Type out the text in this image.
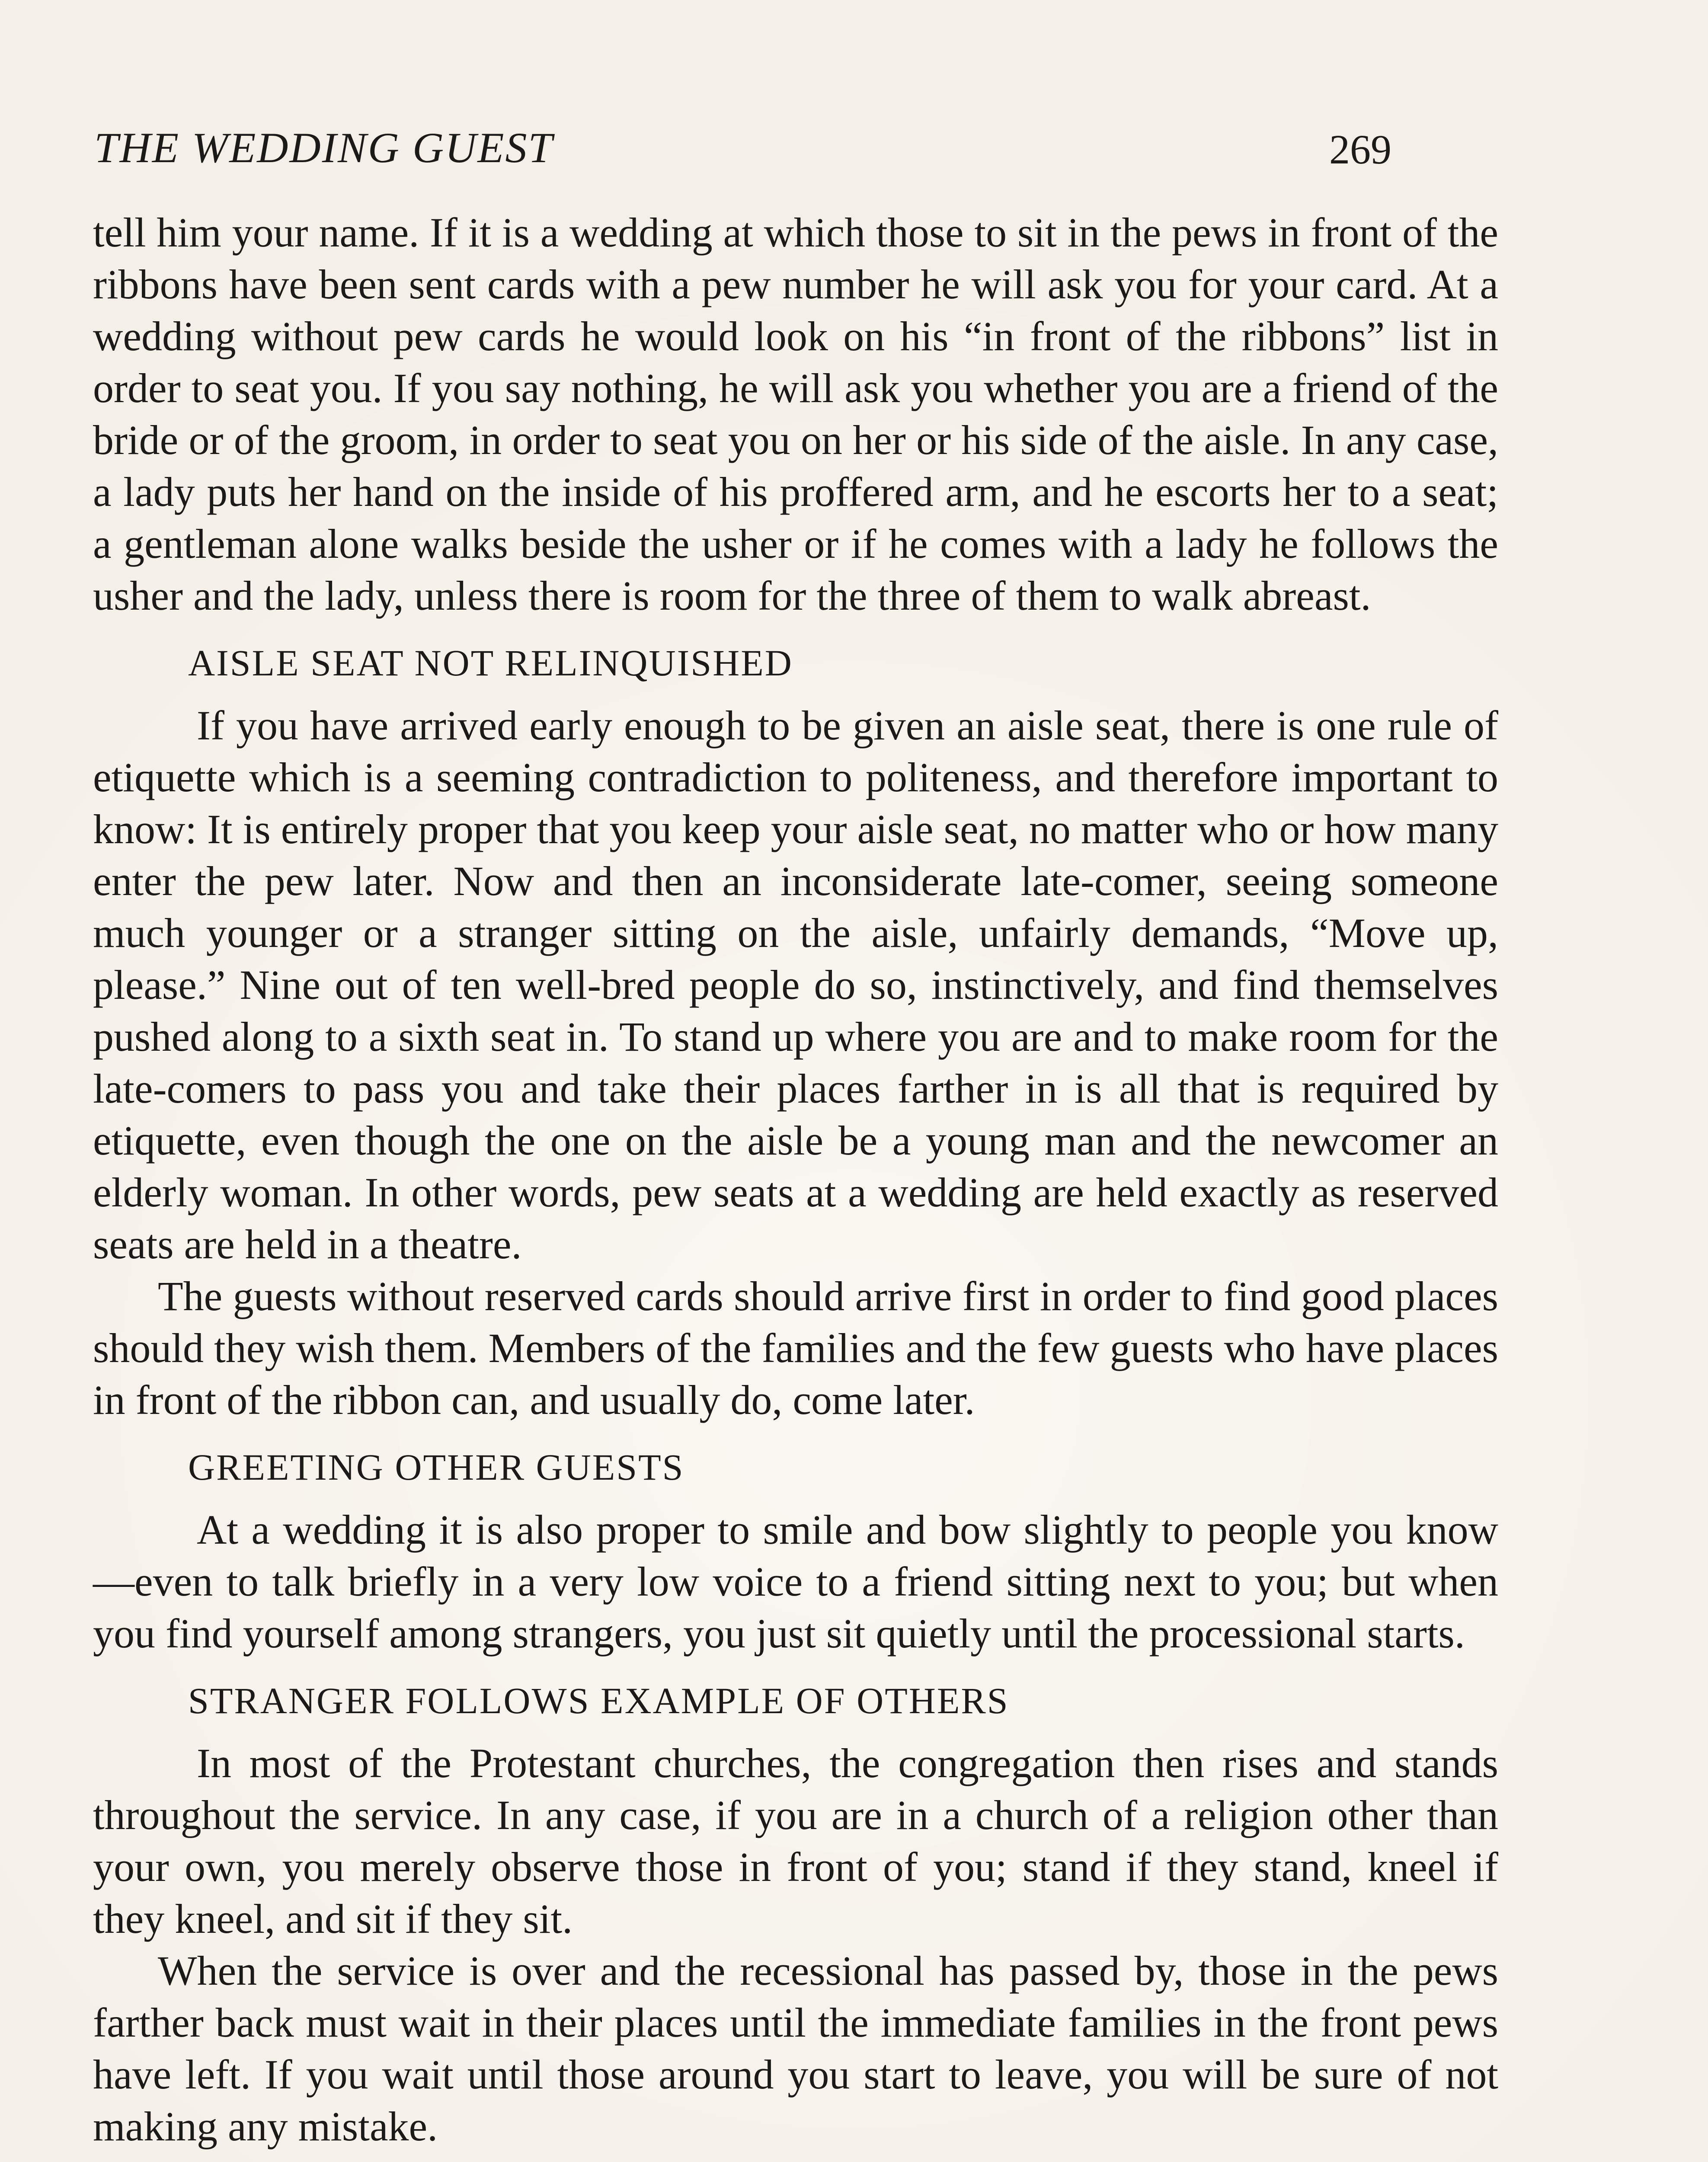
THE WEDDING GUEST	269

tell him your name. If it is a wedding at which those to sit in the pews in front of the ribbons have been sent cards with a pew number he will ask you for your card. At a wedding without pew cards he would look on his “in front of the ribbons” list in order to seat you. If you say nothing, he will ask you whether you are a friend of the bride or of the groom, in order to seat you on her or his side of the aisle. In any case, a lady puts her hand on the inside of his proffered arm, and he escorts her to a seat; a gentleman alone walks beside the usher or if he comes with a lady he follows the usher and the lady, unless there is room for the three of them to walk abreast.

AISLE SEAT NOT RELINQUISHED

If you have arrived early enough to be given an aisle seat, there is one rule of etiquette which is a seeming contradiction to politeness, and therefore important to know: It is entirely proper that you keep your aisle seat, no matter who or how many enter the pew later. Now and then an inconsiderate late-comer, seeing someone much younger or a stranger sitting on the aisle, unfairly demands, “Move up, please.” Nine out of ten well-bred people do so, instinctively, and find themselves pushed along to a sixth seat in. To stand up where you are and to make room for the late-comers to pass you and take their places farther in is all that is required by etiquette, even though the one on the aisle be a young man and the newcomer an elderly woman. In other words, pew seats at a wedding are held exactly as reserved seats are held in a theatre.

The guests without reserved cards should arrive first in order to find good places should they wish them. Members of the families and the few guests who have places in front of the ribbon can, and usually do, come later.

GREETING OTHER GUESTS

At a wedding it is also proper to smile and bow slightly to people you know—even to talk briefly in a very low voice to a friend sitting next to you; but when you find yourself among strangers, you just sit quietly until the processional starts.

STRANGER FOLLOWS EXAMPLE OF OTHERS

In most of the Protestant churches, the congregation then rises and stands throughout the service. In any case, if you are in a church of a religion other than your own, you merely observe those in front of you; stand if they stand, kneel if they kneel, and sit if they sit.

When the service is over and the recessional has passed by, those in the pews farther back must wait in their places until the immediate families in the front pews have left. If you wait until those around you start to leave, you will be sure of not making any mistake.
